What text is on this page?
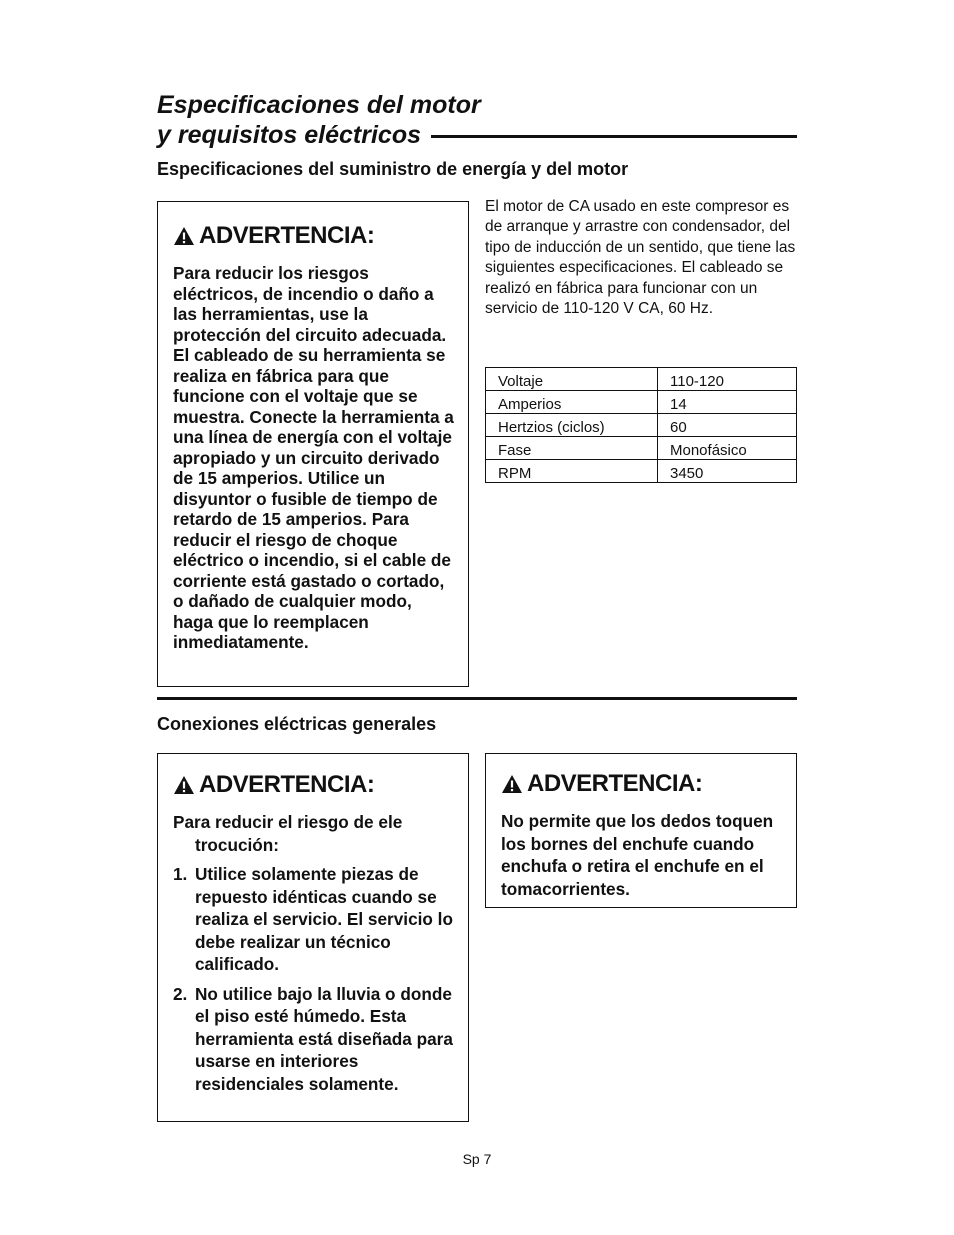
Especificaciones del motor
y requisitos eléctricos
Especificaciones del suministro de energía y del motor
ADVERTENCIA:
Para reducir los riesgos eléctricos, de incendio o daño a las herramientas, use la protección del circuito adecuada. El cableado de su herramienta se realiza en fábrica para que funcione con el voltaje que se muestra. Conecte la herramienta a una línea de energía con el voltaje apropiado y un circuito derivado de 15 amperios. Utilice un disyuntor o fusible de tiempo de retardo de 15 amperios. Para reducir el riesgo de choque eléctrico o incendio, si el cable de corriente está gastado o cortado, o dañado de cualquier modo, haga que lo reemplacen inmediatamente.
El motor de CA usado en este compresor es de arranque y arrastre con condensador, del tipo de inducción de un sentido, que tiene las siguientes especificaciones. El cableado se realizó en fábrica para funcionar con un servicio de 110-120 V CA, 60 Hz.
Voltaje	110-120
Amperios	14
Hertzios (ciclos)	60
Fase	Monofásico
RPM	3450
Conexiones eléctricas generales
ADVERTENCIA:
Para reducir el riesgo de ele
trocución:
1. Utilice solamente piezas de repuesto idénticas cuando se realiza el servicio. El servicio lo debe realizar un técnico calificado.
2. No utilice bajo la lluvia o donde el piso esté húmedo. Esta herramienta está diseñada para usarse en interiores residenciales solamente.
ADVERTENCIA:
No permite que los dedos toquen los bornes del enchufe cuando enchufa o retira el enchufe en el tomacorrientes.
Sp 7
